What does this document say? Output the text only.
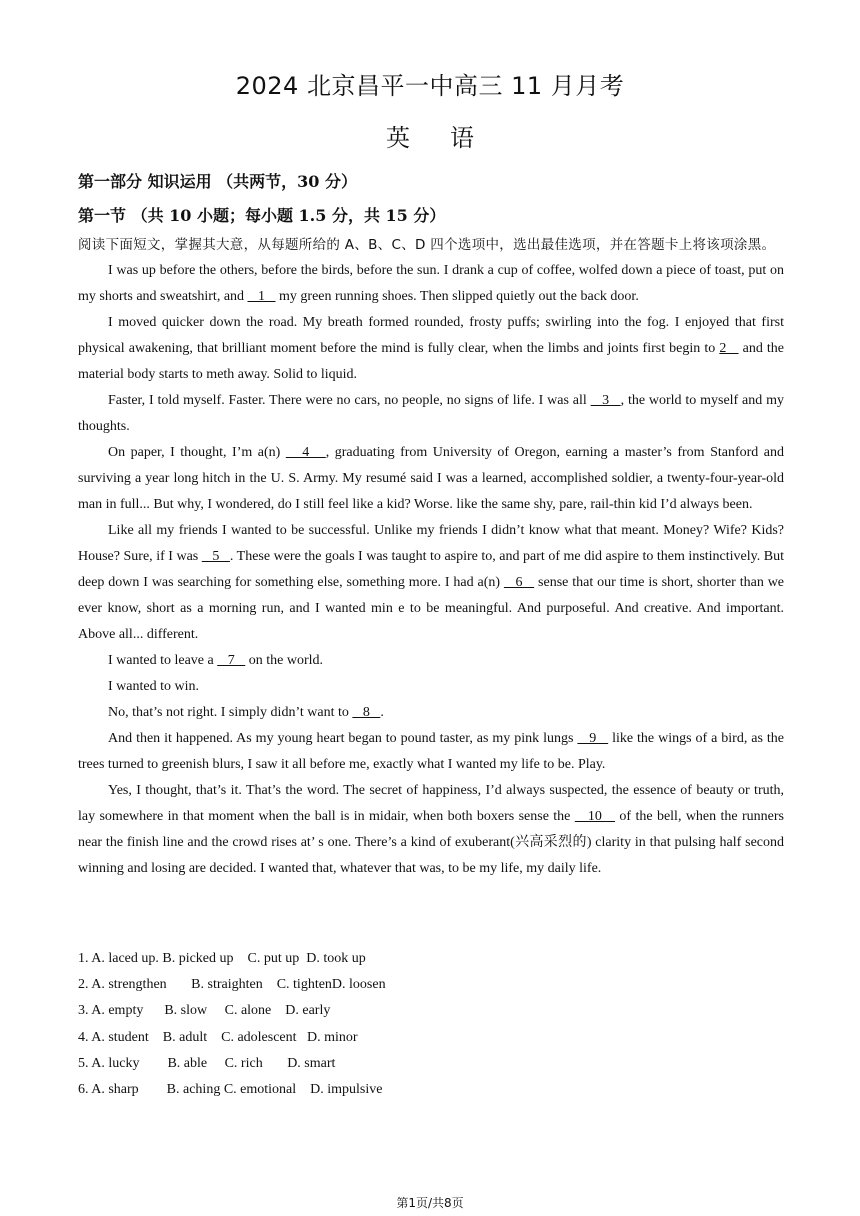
2024 北京昌平一中高三 11 月月考
英语
第一部分 知识运用 （共两节，30 分）
第一节 （共 10 小题；每小题 1.5 分，共 15 分）

阅读下面短文，掌握其大意，从每题所给的 A、B、C、D 四个选项中，选出最佳选项，并在答题卡上将该项涂黑。

I was up before the others, before the birds, before the sun. I drank a cup of coffee, wolfed down a piece of toast, put on my shorts and sweatshirt, and    1    my green running shoes. Then slipped quietly out the back door.

I moved quicker down the road. My breath formed rounded, frosty puffs; swirling into the fog. I enjoyed that first physical awakening, that brilliant moment before the mind is fully clear, when the limbs and joints first begin to 2    and the material body starts to meth away. Solid to liquid.

Faster, I told myself. Faster. There were no cars, no people, no signs of life. I was all    3   , the world to myself and my thoughts.

On paper, I thought, I’m a(n)    4   , graduating from University of Oregon, earning a master’s from Stanford and surviving a year long hitch in the U. S. Army. My resumé said I was a learned, accomplished soldier, a twenty-four-year-old man in full... But why, I wondered, do I still feel like a kid? Worse. like the same shy, pare, rail-thin kid I’d always been.

Like all my friends I wanted to be successful. Unlike my friends I didn’t know what that meant. Money? Wife? Kids? House? Sure, if I was    5   . These were the goals I was taught to aspire to, and part of me did aspire to them instinctively. But deep down I was searching for something else, something more. I had a(n)    6    sense that our time is short, shorter than we ever know, short as a morning run, and I wanted min e to be meaningful. And purposeful. And creative. And important. Above all... different.

I wanted to leave a    7    on the world.

I wanted to win.

No, that’s not right. I simply didn’t want to    8   .

And then it happened. As my young heart began to pound taster, as my pink lungs    9    like the wings of a bird, as the trees turned to greenish blurs, I saw it all before me, exactly what I wanted my life to be. Play.

Yes, I thought, that’s it. That’s the word. The secret of happiness, I’d always suspected, the essence of beauty or truth, lay somewhere in that moment when the ball is in midair, when both boxers sense the    10    of the bell, when the runners near the finish line and the crowd rises at’ s one. There’s a kind of exuberant(兴高采烈的) clarity in that pulsing half second winning and losing are decided. I wanted that, whatever that was, to be my life, my daily life.

1. A. laced up. B. picked up    C. put up  D. took up
2. A. strengthen       B. straighten    C. tightenD. loosen
3. A. empty      B. slow     C. alone    D. early
4. A. student    B. adult    C. adolescent   D. minor
5. A. lucky        B. able     C. rich       D. smart
6. A. sharp        B. aching C. emotional    D. impulsive
第1页/共8页
